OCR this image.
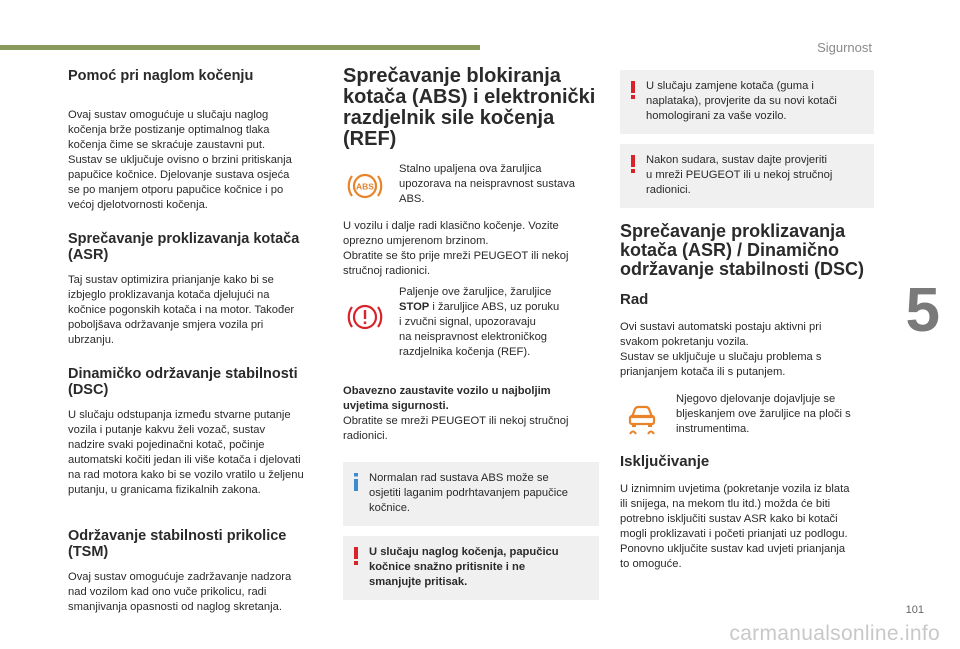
Sigurnost
5
Pomoć pri naglom kočenju

Ovaj sustav omogućuje u slučaju naglog
kočenja brže postizanje optimalnog tlaka
kočenja čime se skraćuje zaustavni put.
Sustav se uključuje ovisno o brzini pritiskanja
papučice kočnice. Djelovanje sustava osjeća
se po manjem otporu papučice kočnice i po
većoj djelotvornosti kočenja.

Sprečavanje proklizavanja kotača (ASR)

Taj sustav optimizira prianjanje kako bi se
izbjeglo proklizavanja kotača djelujući na
kočnice pogonskih kotača i na motor. Također
poboljšava održavanje smjera vozila pri
ubrzanju.

Dinamičko održavanje stabilnosti (DSC)

U slučaju odstupanja između stvarne putanje
vozila i putanje kakvu želi vozač, sustav
nadzire svaki pojedinačni kotač, počinje
automatski kočiti jedan ili više kotača i djelovati
na rad motora kako bi se vozilo vratilo u željenu
putanju, u granicama fizikalnih zakona.

Održavanje stabilnosti prikolice (TSM)

Ovaj sustav omogućuje zadržavanje nadzora
nad vozilom kad ono vuče prikolicu, radi
smanjivanja opasnosti od naglog skretanja.

Sprečavanje blokiranja kotača (ABS) i elektronički razdjelnik sile kočenja (REF)
ABS

Stalno upaljena ova žaruljica
upozorava na neispravnost sustava
ABS.

U vozilu i dalje radi klasično kočenje. Vozite
oprezno umjerenom brzinom.
Obratite se što prije mreži PEUGEOT ili nekoj
stručnoj radionici.

Paljenje ove žaruljice, žaruljice
STOP i žaruljice ABS, uz poruku
i zvučni signal, upozoravaju
na neispravnost elektroničkog
razdjelnika kočenja (REF).

Obavezno zaustavite vozilo u najboljim
uvjetima sigurnosti.

Obratite se mreži PEUGEOT ili nekoj stručnoj
radionici.

Normalan rad sustava ABS može se
osjetiti laganim podrhtavanjem papučice
kočnice.

U slučaju naglog kočenja, papučicu
kočnice snažno pritisnite i ne
smanjujte pritisak.

U slučaju zamjene kotača (guma i
naplataka), provjerite da su novi kotači
homologirani za vaše vozilo.

Nakon sudara, sustav dajte provjeriti
u mreži PEUGEOT ili u nekoj stručnoj
radionici.

Sprečavanje proklizavanja kotača (ASR) / Dinamično održavanje stabilnosti (DSC)
Rad

Ovi sustavi automatski postaju aktivni pri
svakom pokretanju vozila.
Sustav se uključuje u slučaju problema s
prianjanjem kotača ili s putanjem.

Njegovo djelovanje dojavljuje se
bljeskanjem ove žaruljice na ploči s
instrumentima.

Isključivanje

U iznimnim uvjetima (pokretanje vozila iz blata
ili snijega, na mekom tlu itd.) možda će biti
potrebno isključiti sustav ASR kako bi kotači
mogli proklizavati i početi prianjati uz podlogu.
Ponovno uključite sustav kad uvjeti prianjanja
to omoguće.

101
carmanualsonline.info
